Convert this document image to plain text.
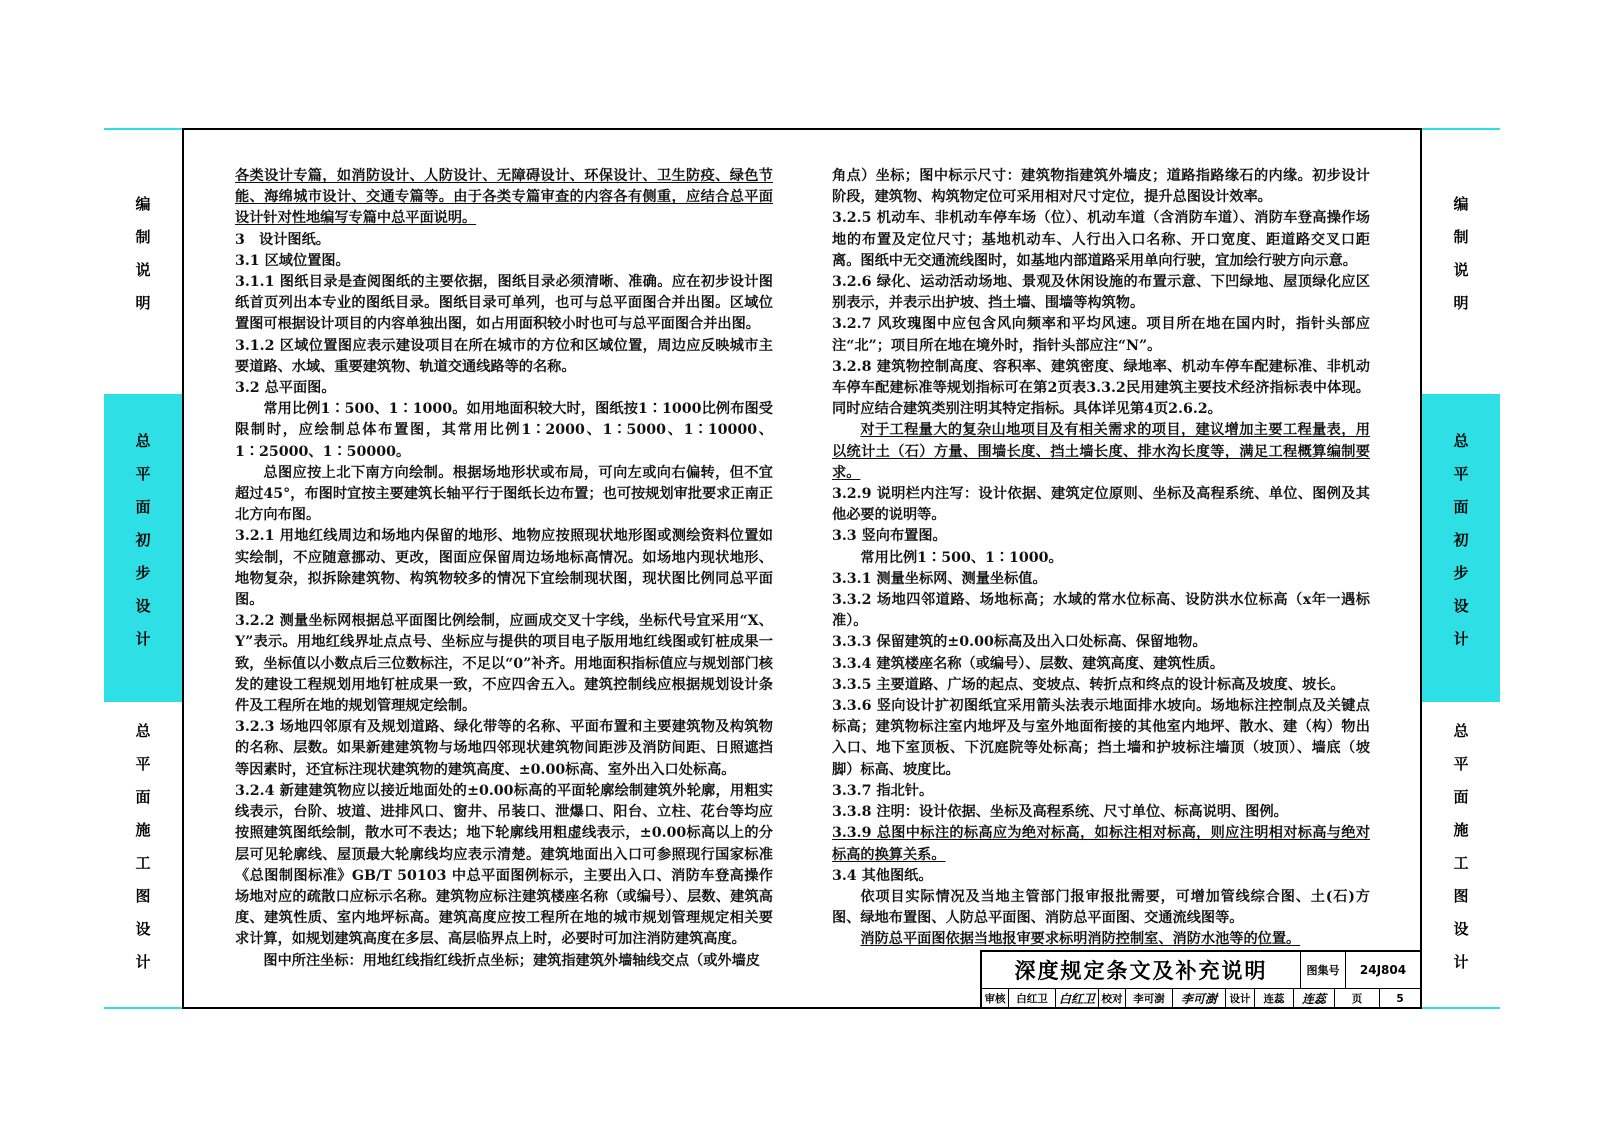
编制说明
总平面初步设计
总平面施工图设计
编制说明
总平面初步设计
总平面施工图设计

各类设计专篇，如消防设计、人防设计、无障碍设计、环保设计、卫生防疫、绿色节能、海绵城市设计、交通专篇等。由于各类专篇审查的内容各有侧重，应结合总平面设计针对性地编写专篇中总平面说明。

3　设计图纸。

3.1 区域位置图。

3.1.1 图纸目录是查阅图纸的主要依据，图纸目录必须清晰、准确。应在初步设计图纸首页列出本专业的图纸目录。图纸目录可单列，也可与总平面图合并出图。区域位置图可根据设计项目的内容单独出图，如占用面积较小时也可与总平面图合并出图。

3.1.2 区域位置图应表示建设项目在所在城市的方位和区域位置，周边应反映城市主要道路、水域、重要建筑物、轨道交通线路等的名称。

3.2 总平面图。

常用比例1∶500、1∶1000。如用地面积较大时，图纸按1∶1000比例布图受限制时，应绘制总体布置图，其常用比例1∶2000、1∶5000、1∶10000、1∶25000、1∶50000。

总图应按上北下南方向绘制。根据场地形状或布局，可向左或向右偏转，但不宜超过45°，布图时宜按主要建筑长轴平行于图纸长边布置；也可按规划审批要求正南正北方向布图。

3.2.1 用地红线周边和场地内保留的地形、地物应按照现状地形图或测绘资料位置如实绘制，不应随意挪动、更改，图面应保留周边场地标高情况。如场地内现状地形、地物复杂，拟拆除建筑物、构筑物较多的情况下宜绘制现状图，现状图比例同总平面图。

3.2.2 测量坐标网根据总平面图比例绘制，应画成交叉十字线，坐标代号宜采用“X、Y”表示。用地红线界址点点号、坐标应与提供的项目电子版用地红线图或钉桩成果一致，坐标值以小数点后三位数标注，不足以“0”补齐。用地面积指标值应与规划部门核发的建设工程规划用地钉桩成果一致，不应四舍五入。建筑控制线应根据规划设计条件及工程所在地的规划管理规定绘制。

3.2.3 场地四邻原有及规划道路、绿化带等的名称、平面布置和主要建筑物及构筑物的名称、层数。如果新建建筑物与场地四邻现状建筑物间距涉及消防间距、日照遮挡等因素时，还宜标注现状建筑物的建筑高度、±0.00标高、室外出入口处标高。

3.2.4 新建建筑物应以接近地面处的±0.00标高的平面轮廓绘制建筑外轮廓，用粗实线表示，台阶、坡道、进排风口、窗井、吊装口、泄爆口、阳台、立柱、花台等均应按照建筑图纸绘制，散水可不表达；地下轮廓线用粗虚线表示，±0.00标高以上的分层可见轮廓线、屋顶最大轮廓线均应表示清楚。建筑地面出入口可参照现行国家标准《总图制图标准》GB/T 50103 中总平面图例标示，主要出入口、消防车登高操作场地对应的疏散口应标示名称。建筑物应标注建筑楼座名称（或编号）、层数、建筑高度、建筑性质、室内地坪标高。建筑高度应按工程所在地的城市规划管理规定相关要求计算，如规划建筑高度在多层、高层临界点上时，必要时可加注消防建筑高度。

图中所注坐标：用地红线指红线折点坐标；建筑指建筑外墙轴线交点（或外墙皮

角点）坐标；图中标示尺寸：建筑物指建筑外墙皮；道路指路缘石的内缘。初步设计阶段，建筑物、构筑物定位可采用相对尺寸定位，提升总图设计效率。

3.2.5 机动车、非机动车停车场（位）、机动车道（含消防车道）、消防车登高操作场地的布置及定位尺寸；基地机动车、人行出入口名称、开口宽度、距道路交叉口距离。图纸中无交通流线图时，如基地内部道路采用单向行驶，宜加绘行驶方向示意。

3.2.6 绿化、运动活动场地、景观及休闲设施的布置示意、下凹绿地、屋顶绿化应区别表示，并表示出护坡、挡土墙、围墙等构筑物。

3.2.7 风玫瑰图中应包含风向频率和平均风速。项目所在地在国内时，指针头部应注“北”；项目所在地在境外时，指针头部应注“N”。

3.2.8 建筑物控制高度、容积率、建筑密度、绿地率、机动车停车配建标准、非机动车停车配建标准等规划指标可在第2页表3.3.2民用建筑主要技术经济指标表中体现。同时应结合建筑类别注明其特定指标。具体详见第4页2.6.2。

对于工程量大的复杂山地项目及有相关需求的项目，建议增加主要工程量表，用以统计土（石）方量、围墙长度、挡土墙长度、排水沟长度等，满足工程概算编制要求。

3.2.9 说明栏内注写：设计依据、建筑定位原则、坐标及高程系统、单位、图例及其他必要的说明等。

3.3 竖向布置图。

常用比例1∶500、1∶1000。

3.3.1 测量坐标网、测量坐标值。

3.3.2 场地四邻道路、场地标高；水域的常水位标高、设防洪水位标高（x年一遇标准）。

3.3.3 保留建筑的±0.00标高及出入口处标高、保留地物。

3.3.4 建筑楼座名称（或编号）、层数、建筑高度、建筑性质。

3.3.5 主要道路、广场的起点、变坡点、转折点和终点的设计标高及坡度、坡长。

3.3.6 竖向设计扩初图纸宜采用箭头法表示地面排水坡向。场地标注控制点及关键点标高；建筑物标注室内地坪及与室外地面衔接的其他室内地坪、散水、建（构）物出入口、地下室顶板、下沉庭院等处标高；挡土墙和护坡标注墙顶（坡顶）、墙底（坡脚）标高、坡度比。

3.3.7 指北针。

3.3.8 注明：设计依据、坐标及高程系统、尺寸单位、标高说明、图例。

3.3.9 总图中标注的标高应为绝对标高，如标注相对标高，则应注明相对标高与绝对标高的换算关系。

3.4 其他图纸。

依项目实际情况及当地主管部门报审报批需要，可增加管线综合图、土(石)方图、绿地布置图、人防总平面图、消防总平面图、交通流线图等。

消防总平面图依据当地报审要求标明消防控制室、消防水池等的位置。

深度规定条文及补充说明	图集号	24J804
审核	白红卫 白红卫 校对	李可澍	李可澍	设计	连蕊	连蕊	页	5
